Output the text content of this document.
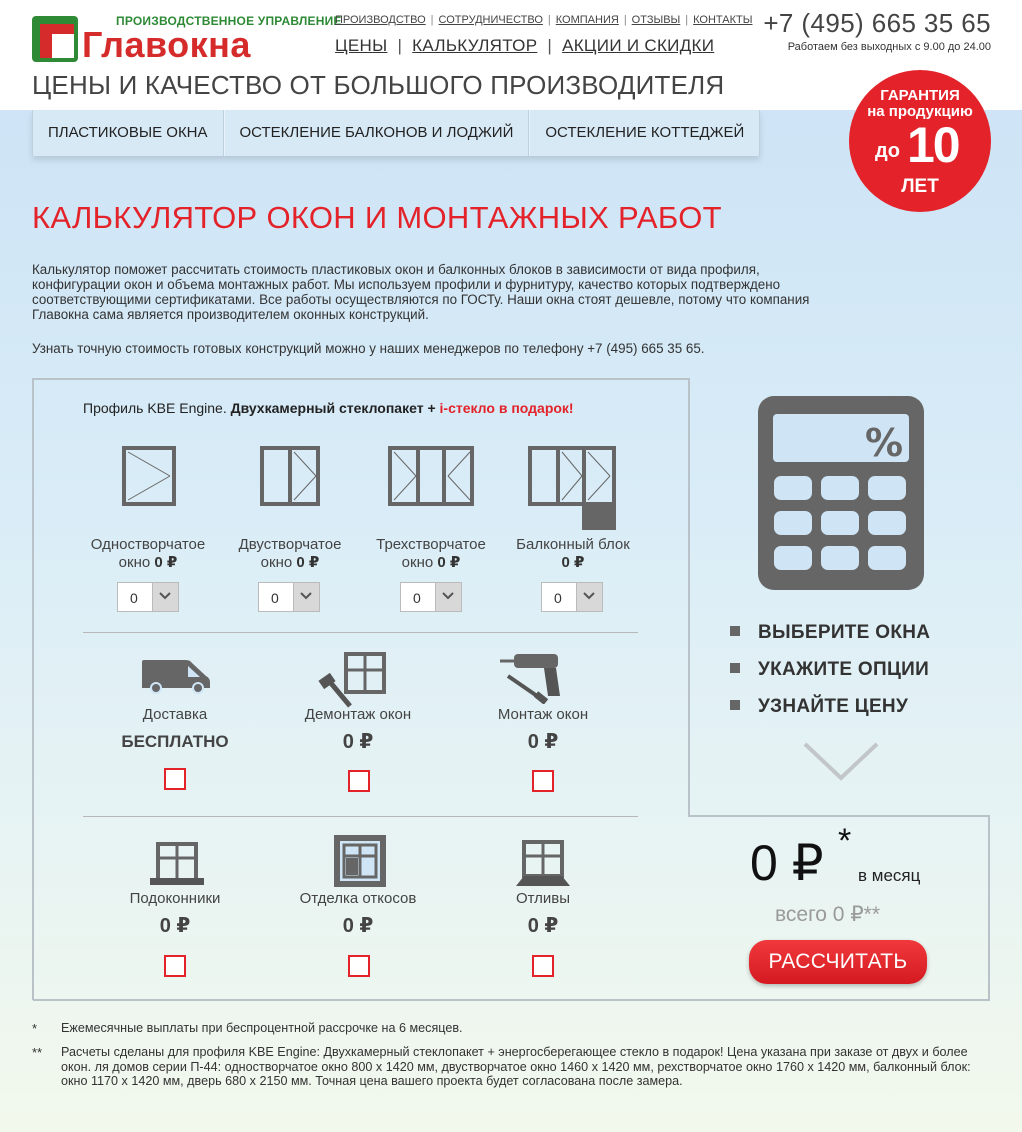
ПРОИЗВОДСТВЕННОЕ УПРАВЛЕНИЕ
Главокна
ПРОИЗВОДСТВО | СОТРУДНИЧЕСТВО | КОМПАНИЯ | ОТЗЫВЫ | КОНТАКТЫ
ЦЕНЫ | КАЛЬКУЛЯТОР | АКЦИИ И СКИДКИ
+7 (495) 665 35 65
Работаем без выходных с 9.00 до 24.00
ЦЕНЫ И КАЧЕСТВО ОТ БОЛЬШОГО ПРОИЗВОДИТЕЛЯ
ПЛАСТИКОВЫЕ ОКНА	ОСТЕКЛЕНИЕ БАЛКОНОВ И ЛОДЖИЙ	ОСТЕКЛЕНИЕ КОТТЕДЖЕЙ
ГАРАНТИЯ
на продукцию
до 10
ЛЕТ
КАЛЬКУЛЯТОР ОКОН И МОНТАЖНЫХ РАБОТ
Калькулятор поможет рассчитать стоимость пластиковых окон и балконных блоков в зависимости от вида профиля, конфигурации окон и объема монтажных работ. Мы используем профили и фурнитуру, качество которых подтверждено соответствующими сертификатами. Все работы осуществляются по ГОСТу. Наши окна стоят дешевле, потому что компания Главокна сама является производителем оконных конструкций.
Узнать точную стоимость готовых конструкций можно у наших менеджеров по телефону +7 (495) 665 35 65.
Профиль KBE Engine. Двухкамерный стеклопакет + i-стекло в подарок!
Одностворчатое
окно 0 ₽
Двустворчатое
окно 0 ₽
Трехстворчатое
окно 0 ₽
Балконный блок
0 ₽
0	0	0	0
Доставка
БЕСПЛАТНО
Демонтаж окон
0 ₽
Монтаж окон
0 ₽
Подоконники
0 ₽
Отделка откосов
0 ₽
Отливы
0 ₽
%
ВЫБЕРИТЕ ОКНА
УКАЖИТЕ ОПЦИИ
УЗНАЙТЕ ЦЕНУ
0 ₽ *
в месяц
всего 0 ₽**
РАССЧИТАТЬ
* Ежемесячные выплаты при беспроцентной рассрочке на 6 месяцев.
** Расчеты сделаны для профиля KBE Engine: Двухкамерный стеклопакет + энергосберегающее стекло в подарок! Цена указана при заказе от двух и более окон. ля домов серии П-44: одностворчатое окно 800 х 1420 мм, двустворчатое окно 1460 х 1420 мм, рехстворчатое окно 1760 х 1420 мм, балконный блок: окно 1170 х 1420 мм, дверь 680 х 2150 мм. Точная цена вашего проекта будет согласована после замера.
